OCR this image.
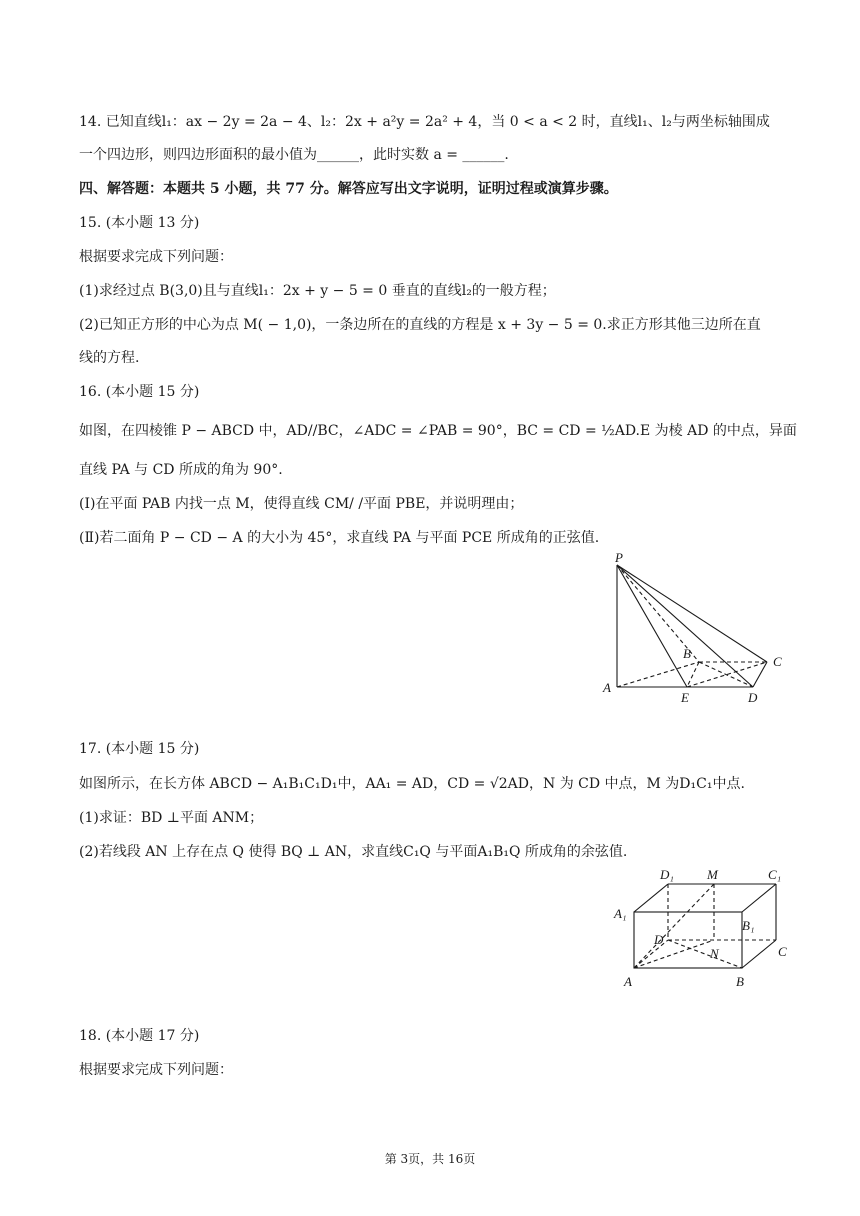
14. 已知直线l₁：ax − 2y = 2a − 4、l₂：2x + a²y = 2a² + 4，当 0 < a < 2 时，直线l₁、l₂与两坐标轴围成
一个四边形，则四边形面积的最小值为______，此时实数 a = ______.
四、解答题：本题共 5 小题，共 77 分。解答应写出文字说明，证明过程或演算步骤。
15. (本小题 13 分)
根据要求完成下列问题：
(1)求经过点 B(3,0)且与直线l₁：2x + y − 5 = 0 垂直的直线l₂的一般方程；
(2)已知正方形的中心为点 M( − 1,0)，一条边所在的直线的方程是 x + 3y − 5 = 0.求正方形其他三边所在直
线的方程.
16. (本小题 15 分)
如图，在四棱锥 P − ABCD 中，AD//BC，∠ADC = ∠PAB = 90°，BC = CD = ½AD.E 为棱 AD 的中点，异面
直线 PA 与 CD 所成的角为 90°.
(Ⅰ)在平面 PAB 内找一点 M，使得直线 CM/ /平面 PBE，并说明理由；
(Ⅱ)若二面角 P − CD − A 的大小为 45°，求直线 PA 与平面 PCE 所成角的正弦值.
P
A
B
C
D
E
17. (本小题 15 分)
如图所示，在长方体 ABCD − A₁B₁C₁D₁中，AA₁ = AD，CD = √2AD，N 为 CD 中点，M 为D₁C₁中点.
(1)求证：BD ⊥平面 ANM；
(2)若线段 AN 上存在点 Q 使得 BQ ⊥ AN，求直线C₁Q 与平面A₁B₁Q 所成角的余弦值.
D₁	M	C₁
A₁
B₁
D
N	C
A	B
18. (本小题 17 分)
根据要求完成下列问题：
第 3页，共 16页
